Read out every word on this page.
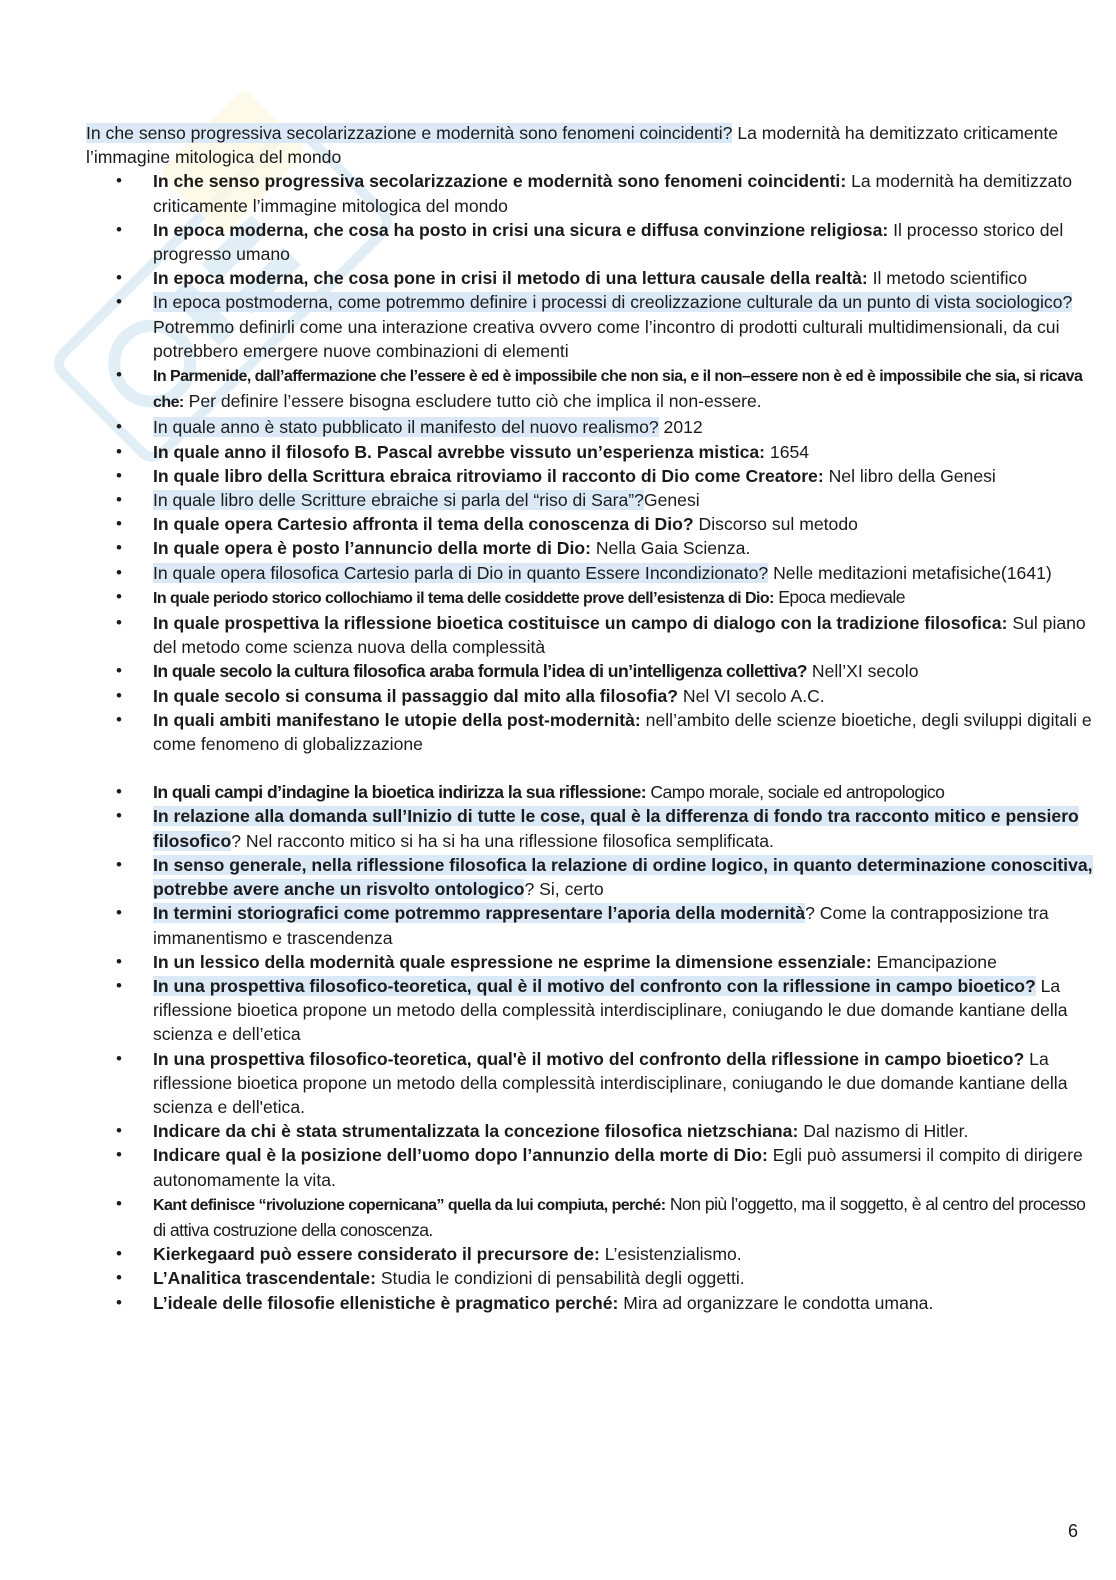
In che senso progressiva secolarizzazione e modernità sono fenomeni coincidenti? La modernità ha demitizzato criticamente l’immagine mitologica del mondo

• In che senso progressiva secolarizzazione e modernità sono fenomeni coincidenti: La modernità ha demitizzato
criticamente l’immagine mitologica del mondo
• In epoca moderna, che cosa ha posto in crisi una sicura e diffusa convinzione religiosa: Il processo storico del progresso umano
• In epoca moderna, che cosa pone in crisi il metodo di una lettura causale della realtà: Il metodo scientifico
• In epoca postmoderna, come potremmo definire i processi di creolizzazione culturale da un punto di vista sociologico? Potremmo definirli come una interazione creativa ovvero come l’incontro di prodotti culturali multidimensionali, da cui potrebbero emergere nuove combinazioni di elementi
• In Parmenide, dall’affermazione che l’essere è ed è impossibile che non sia, e il non–essere non è ed è impossibile che sia, si ricava che: Per definire l’essere bisogna escludere tutto ciò che implica il non-essere.
• In quale anno è stato pubblicato il manifesto del nuovo realismo? 2012
• In quale anno il filosofo B. Pascal avrebbe vissuto un’esperienza mistica: 1654
• In quale libro della Scrittura ebraica ritroviamo il racconto di Dio come Creatore: Nel libro della Genesi
• In quale libro delle Scritture ebraiche si parla del “riso di Sara”?Genesi
• In quale opera Cartesio affronta il tema della conoscenza di Dio? Discorso sul metodo
• In quale opera è posto l’annuncio della morte di Dio: Nella Gaia Scienza.
• In quale opera filosofica Cartesio parla di Dio in quanto Essere Incondizionato? Nelle meditazioni metafisiche(1641)
• In quale periodo storico collochiamo il tema delle cosiddette prove dell’esistenza di Dio: Epoca medievale
• In quale prospettiva la riflessione bioetica costituisce un campo di dialogo con la tradizione filosofica: Sul piano del metodo come scienza nuova della complessità
• In quale secolo la cultura filosofica araba formula l’idea di un’intelligenza collettiva? Nell’XI secolo
• In quale secolo si consuma il passaggio dal mito alla filosofia? Nel VI secolo A.C.
• In quali ambiti manifestano le utopie della post-modernità: nell’ambito delle scienze bioetiche, degli sviluppi digitali e come fenomeno di globalizzazione
• In quali campi d’indagine la bioetica indirizza la sua riflessione: Campo morale, sociale ed antropologico
• In relazione alla domanda sull’Inizio di tutte le cose, qual è la differenza di fondo tra racconto mitico e pensiero filosofico? Nel racconto mitico si ha si ha una riflessione filosofica semplificata.
• In senso generale, nella riflessione filosofica la relazione di ordine logico, in quanto determinazione conoscitiva, potrebbe avere anche un risvolto ontologico? Si, certo
• In termini storiografici come potremmo rappresentare l’aporia della modernità? Come la contrapposizione tra immanentismo e trascendenza
• In un lessico della modernità quale espressione ne esprime la dimensione essenziale: Emancipazione
• In una prospettiva filosofico-teoretica, qual è il motivo del confronto con la riflessione in campo bioetico? La riflessione bioetica propone un metodo della complessità interdisciplinare, coniugando le due domande kantiane della scienza e dell’etica
• In una prospettiva filosofico-teoretica, qual'è il motivo del confronto della riflessione in campo bioetico? La riflessione bioetica propone un metodo della complessità interdisciplinare, coniugando le due domande kantiane della scienza e dell'etica.
• Indicare da chi è stata strumentalizzata la concezione filosofica nietzschiana: Dal nazismo di Hitler.
• Indicare qual è la posizione dell’uomo dopo l’annunzio della morte di Dio: Egli può assumersi il compito di dirigere autonomamente la vita.
• Kant definisce “rivoluzione copernicana” quella da lui compiuta, perché: Non più l’oggetto, ma il soggetto, è al centro del processo di attiva costruzione della conoscenza.
• Kierkegaard può essere considerato il precursore de: L’esistenzialismo.
• L’Analitica trascendentale: Studia le condizioni di pensabilità degli oggetti.
• L’ideale delle filosofie ellenistiche è pragmatico perché: Mira ad organizzare le condotta umana.
6
